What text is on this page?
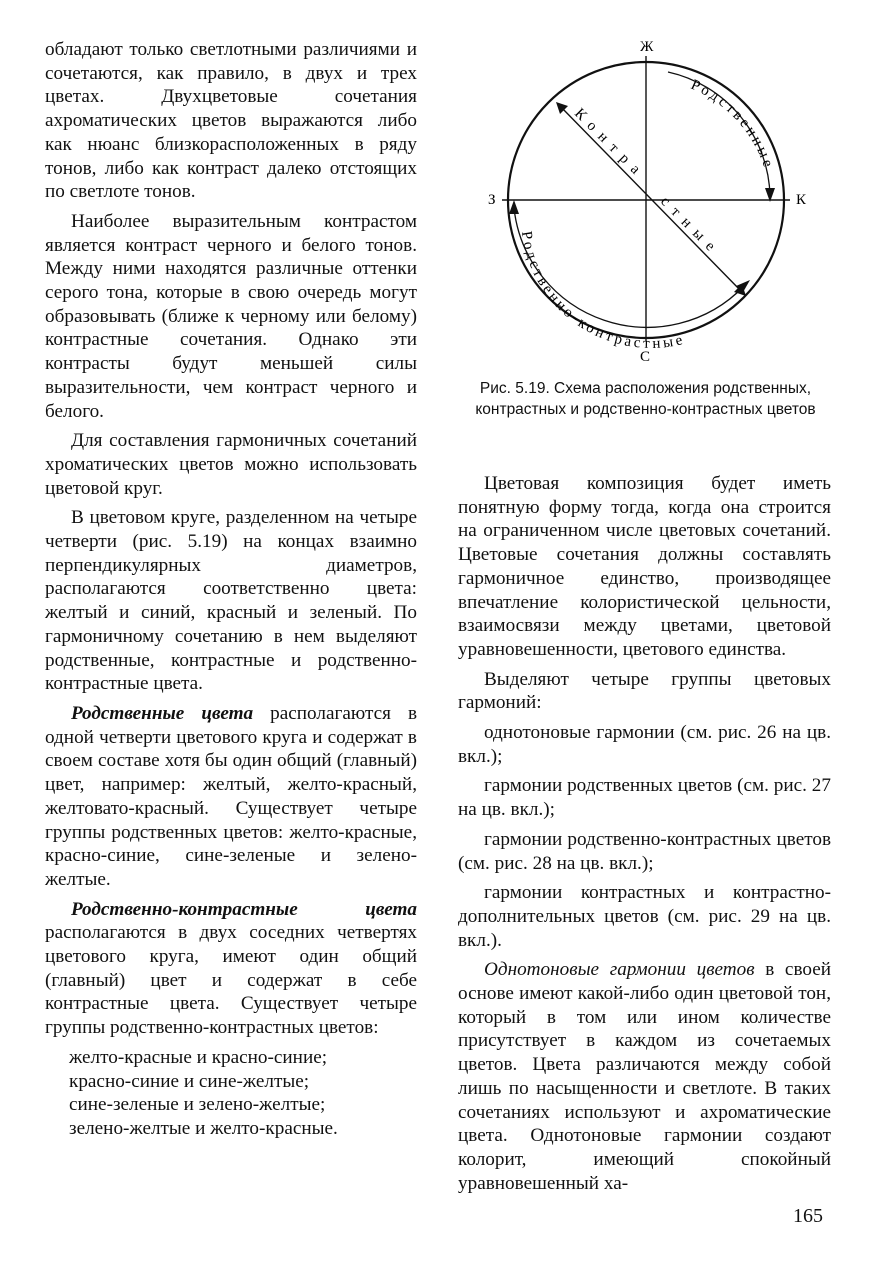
обладают только светлотными различиями и сочетаются, как правило, в двух и трех цветах. Двухцветовые сочетания ахроматических цветов выражаются либо как нюанс близкорасположенных в ряду тонов, либо как контраст далеко отстоящих по светлоте тонов.

Наиболее выразительным контрастом является контраст черного и белого тонов. Между ними находятся различные оттенки серого тона, которые в свою очередь могут образовывать (ближе к черному или белому) контрастные сочетания. Однако эти контрасты будут меньшей силы выразительности, чем контраст черного и белого.

Для составления гармоничных сочетаний хроматических цветов можно использовать цветовой круг.

В цветовом круге, разделенном на четыре четверти (рис. 5.19) на концах взаимно перпендикулярных диаметров, располагаются соответственно цвета: желтый и синий, красный и зеленый. По гармоничному сочетанию в нем выделяют родственные, контрастные и родственно-контрастные цвета.

Родственные цвета располагаются в одной четверти цветового круга и содержат в своем составе хотя бы один общий (главный) цвет, например: желтый, желто-красный, желтовато-красный. Существует четыре группы родственных цветов: желто-красные, красно-синие, сине-зеленые и зелено-желтые.

Родственно-контрастные цвета располагаются в двух соседних четвертях цветового круга, имеют один общий (главный) цвет и содержат в себе контрастные цвета. Существует четыре группы родственно-контрастных цветов:

желто-красные и красно-синие;

красно-синие и сине-желтые;

сине-зеленые и зелено-желтые;

зелено-желтые и желто-красные.

Ж
С
З	К
Родственные
Родственно-контрастные
Контра
стные
Рис. 5.19. Схема расположения родственных, контрастных и родственно-контрастных цветов

Цветовая композиция будет иметь понятную форму тогда, когда она строится на ограниченном числе цветовых сочетаний. Цветовые сочетания должны составлять гармоничное единство, производящее впечатление колористической цельности, взаимосвязи между цветами, цветовой уравновешенности, цветового единства.

Выделяют четыре группы цветовых гармоний:

однотоновые гармонии (см. рис. 26 на цв. вкл.);

гармонии родственных цветов (см. рис. 27 на цв. вкл.);

гармонии родственно-контрастных цветов (см. рис. 28 на цв. вкл.);

гармонии контрастных и контрастно-дополнительных цветов (см. рис. 29 на цв. вкл.).

Однотоновые гармонии цветов в своей основе имеют какой-либо один цветовой тон, который в том или ином количестве присутствует в каждом из сочетаемых цветов. Цвета различаются между собой лишь по насыщенности и светлоте. В таких сочетаниях используют и ахроматические цвета. Однотоновые гармонии создают колорит, имеющий спокойный уравновешенный ха-

165
